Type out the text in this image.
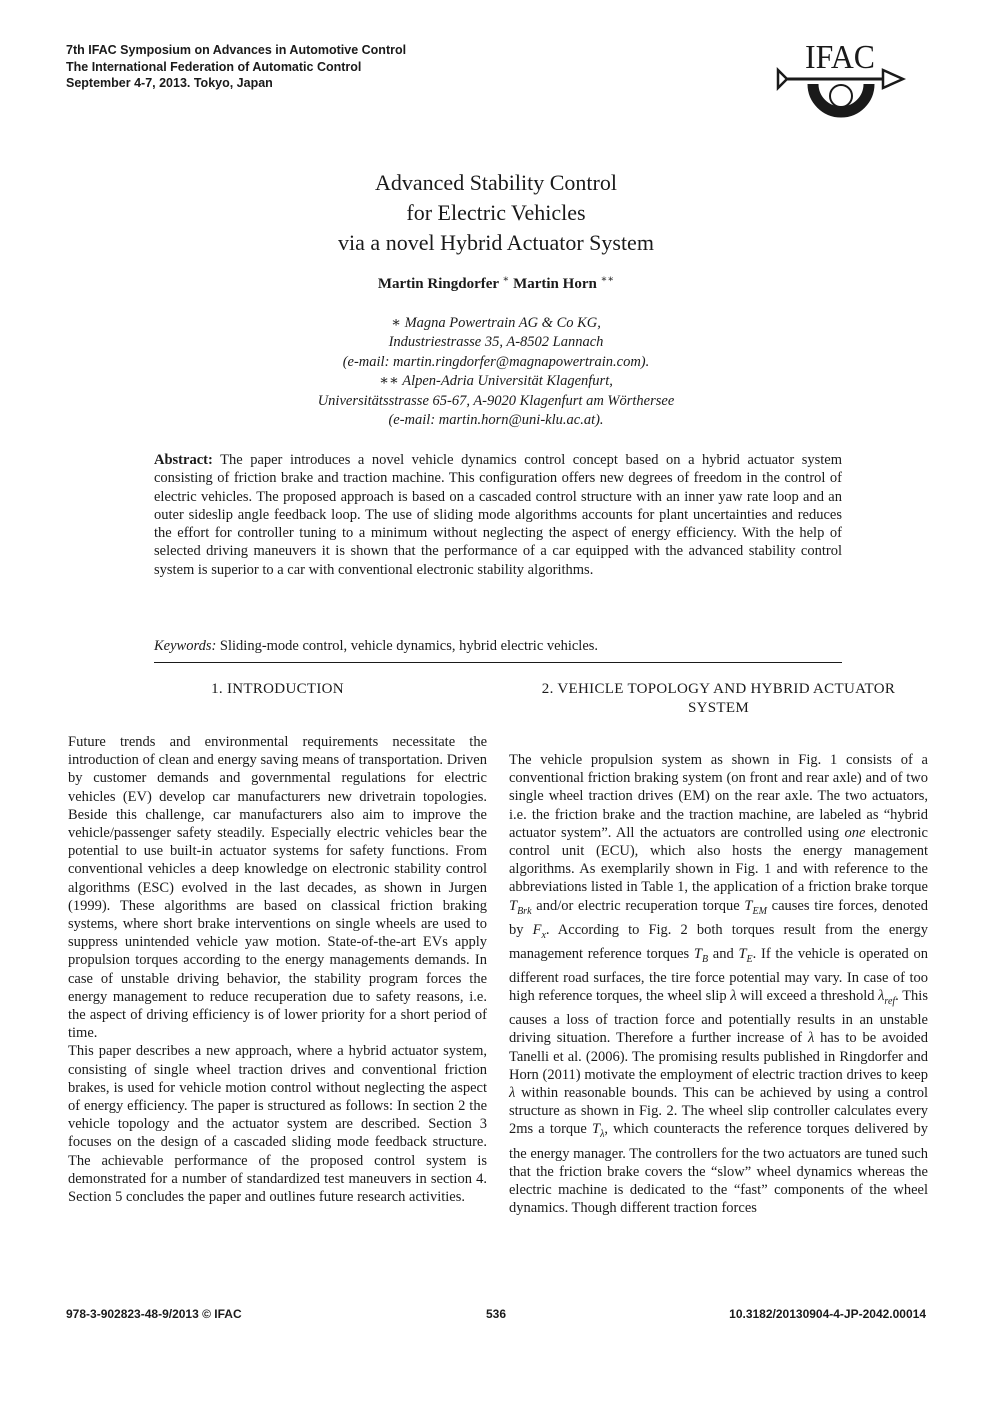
7th IFAC Symposium on Advances in Automotive Control
The International Federation of Automatic Control
September 4-7, 2013. Tokyo, Japan
IFAC
Advanced Stability Control
for Electric Vehicles
via a novel Hybrid Actuator System
Martin Ringdorfer ∗ Martin Horn ∗∗
∗ Magna Powertrain AG & Co KG,
Industriestrasse 35, A-8502 Lannach
(e-mail: martin.ringdorfer@magnapowertrain.com).
∗∗ Alpen-Adria Universität Klagenfurt,
Universitätsstrasse 65-67, A-9020 Klagenfurt am Wörthersee
(e-mail: martin.horn@uni-klu.ac.at).
Abstract: The paper introduces a novel vehicle dynamics control concept based on a hybrid actuator system consisting of friction brake and traction machine. This configuration offers new degrees of freedom in the control of electric vehicles. The proposed approach is based on a cascaded control structure with an inner yaw rate loop and an outer sideslip angle feedback loop. The use of sliding mode algorithms accounts for plant uncertainties and reduces the effort for controller tuning to a minimum without neglecting the aspect of energy efficiency. With the help of selected driving maneuvers it is shown that the performance of a car equipped with the advanced stability control system is superior to a car with conventional electronic stability algorithms.
Keywords: Sliding-mode control, vehicle dynamics, hybrid electric vehicles.
1. INTRODUCTION	2. VEHICLE TOPOLOGY AND HYBRID ACTUATOR
SYSTEM

Future trends and environmental requirements necessitate the introduction of clean and energy saving means of transportation. Driven by customer demands and governmental regulations for electric vehicles (EV) develop car manufacturers new drivetrain topologies. Beside this challenge, car manufacturers also aim to improve the vehicle/passenger safety steadily. Especially electric vehicles bear the potential to use built-in actuator systems for safety functions. From conventional vehicles a deep knowledge on electronic stability control algorithms (ESC) evolved in the last decades, as shown in Jurgen (1999). These algorithms are based on classical friction braking systems, where short brake interventions on single wheels are used to suppress unintended vehicle yaw motion. State-of-the-art EVs apply propulsion torques according to the energy managements demands. In case of unstable driving behavior, the stability program forces the energy management to reduce recuperation due to safety reasons, i.e. the aspect of driving efficiency is of lower priority for a short period of time.

This paper describes a new approach, where a hybrid actuator system, consisting of single wheel traction drives and conventional friction brakes, is used for vehicle motion control without neglecting the aspect of energy efficiency. The paper is structured as follows: In section 2 the vehicle topology and the actuator system are described. Section 3 focuses on the design of a cascaded sliding mode feedback structure. The achievable performance of the proposed control system is demonstrated for a number of standardized test maneuvers in section 4. Section 5 concludes the paper and outlines future research activities.

The vehicle propulsion system as shown in Fig. 1 consists of a conventional friction braking system (on front and rear axle) and of two single wheel traction drives (EM) on the rear axle. The two actuators, i.e. the friction brake and the traction machine, are labeled as “hybrid actuator system”. All the actuators are controlled using one electronic control unit (ECU), which also hosts the energy management algorithms. As exemplarily shown in Fig. 1 and with reference to the abbreviations listed in Table 1, the application of a friction brake torque $T_{Brk}$ and/or electric recuperation torque $T_{EM}$ causes tire forces, denoted by $F_x$. According to Fig. 2 both torques result from the energy management reference torques $T_B$ and $T_E$. If the vehicle is operated on different road surfaces, the tire force potential may vary. In case of too high reference torques, the wheel slip λ will exceed a threshold $\lambda_{ref}$. This causes a loss of traction force and potentially results in an unstable driving situation. Therefore a further increase of λ has to be avoided Tanelli et al. (2006). The promising results published in Ringdorfer and Horn (2011) motivate the employment of electric traction drives to keep λ within reasonable bounds. This can be achieved by using a control structure as shown in Fig. 2. The wheel slip controller calculates every 2ms a torque $T_\lambda$, which counteracts the reference torques delivered by the energy manager. The controllers for the two actuators are tuned such that the friction brake covers the “slow” wheel dynamics whereas the electric machine is dedicated to the “fast” components of the wheel dynamics. Though different traction forces

978-3-902823-48-9/2013 © IFAC	536	10.3182/20130904-4-JP-2042.00014
